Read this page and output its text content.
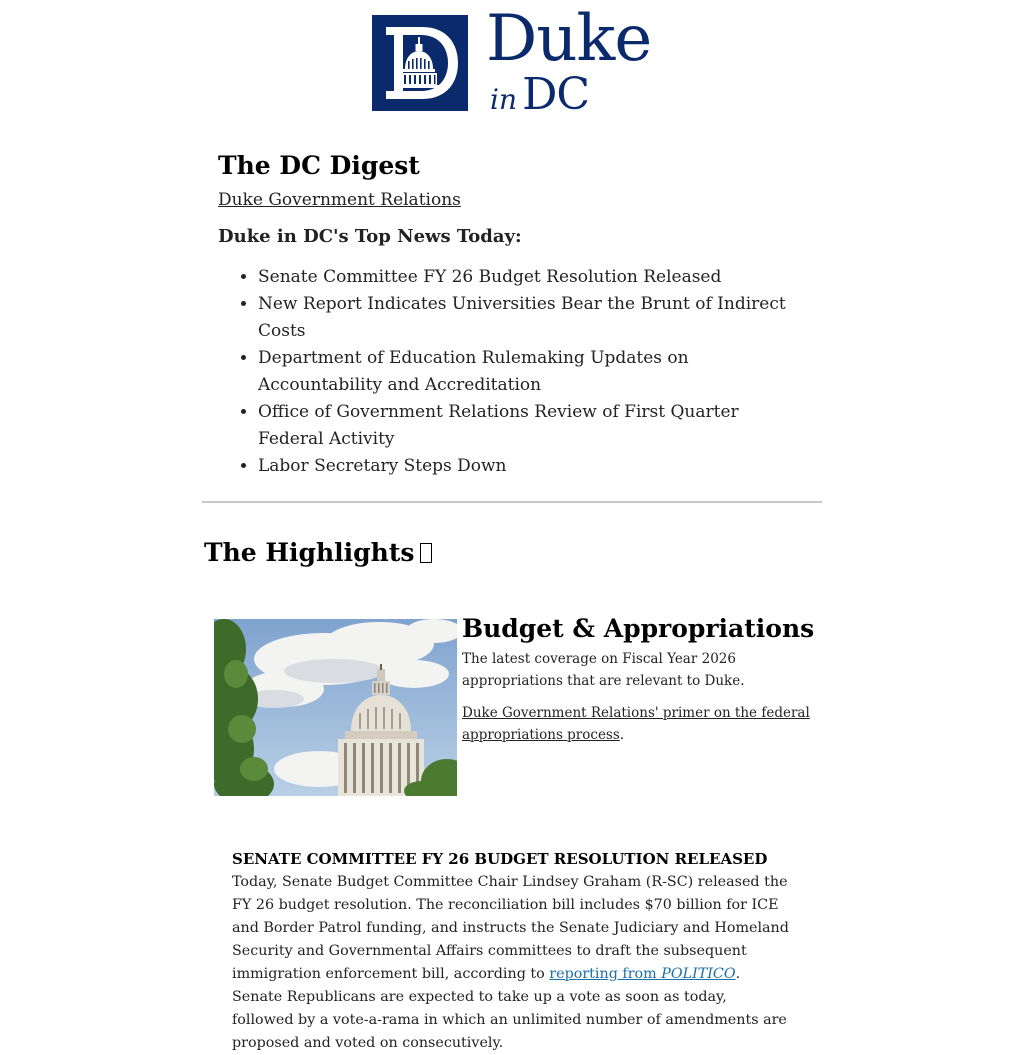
Duke
in DC
The DC Digest
Duke Government Relations
Duke in DC's Top News Today:
• Senate Committee FY 26 Budget Resolution Released
• New Report Indicates Universities Bear the Brunt of Indirect Costs
• Department of Education Rulemaking Updates on Accountability and Accreditation
• Office of Government Relations Review of First Quarter Federal Activity
• Labor Secretary Steps Down
The Highlights
Budget & Appropriations

The latest coverage on Fiscal Year 2026 appropriations that are relevant to Duke.

Duke Government Relations' primer on the federal appropriations process.

SENATE COMMITTEE FY 26 BUDGET RESOLUTION RELEASED

Today, Senate Budget Committee Chair Lindsey Graham (R-SC) released the FY 26 budget resolution. The reconciliation bill includes $70 billion for ICE and Border Patrol funding, and instructs the Senate Judiciary and Homeland Security and Governmental Affairs committees to draft the subsequent immigration enforcement bill, according to reporting from POLITICO. Senate Republicans are expected to take up a vote as soon as today, followed by a vote-a-rama in which an unlimited number of amendments are proposed and voted on consecutively.
